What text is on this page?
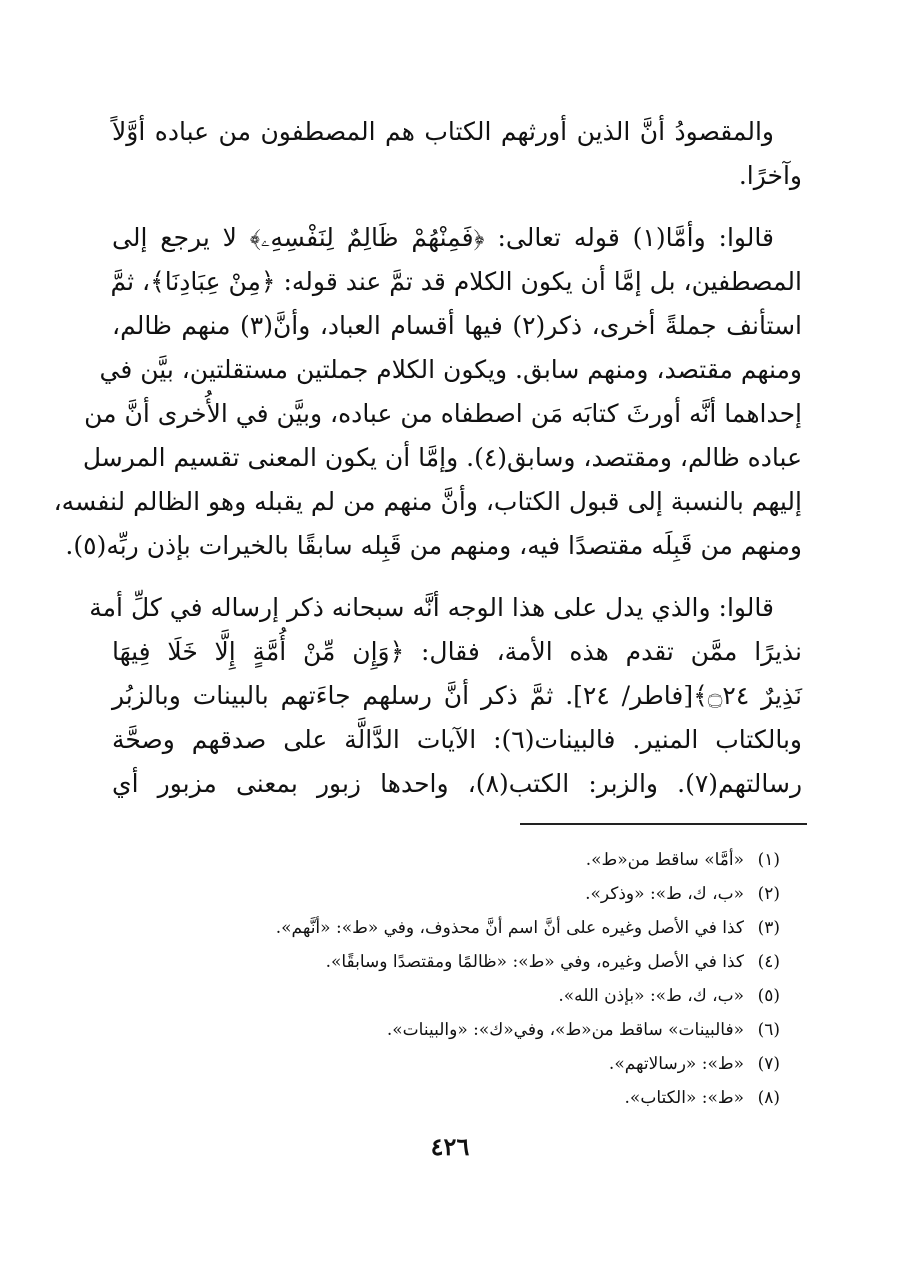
والمقصودُ أنَّ الذين أورثهم الكتاب هم المصطفون من عباده أوَّلاً
وآخرًا.
قالوا: وأمَّا(١) قوله تعالى: ﴿فَمِنْهُمْ ظَالِمٌ لِنَفْسِهِۦ﴾ لا يرجع إلى
المصطفين، بل إمَّا أن يكون الكلام قد تمَّ عند قوله: ﴿مِنْ عِبَادِنَا﴾، ثمَّ
استأنف جملةً أخرى، ذكر(٢) فيها أقسام العباد، وأنَّ(٣) منهم ظالم،
ومنهم مقتصد، ومنهم سابق. ويكون الكلام جملتين مستقلتين، بيَّن في
إحداهما أنَّه أورثَ كتابَه مَن اصطفاه من عباده، وبيَّن في الأُخرى أنَّ من
عباده ظالم، ومقتصد، وسابق(٤). وإمَّا أن يكون المعنى تقسيم المرسل
إليهم بالنسبة إلى قبول الكتاب، وأنَّ منهم من لم يقبله وهو الظالم لنفسه،
ومنهم من قَبِلَه مقتصدًا فيه، ومنهم من قَبِله سابقًا بالخيرات بإذن ربِّه(٥).
قالوا: والذي يدل على هذا الوجه أنَّه سبحانه ذكر إرساله في كلِّ أمة
نذيرًا ممَّن تقدم هذه الأمة، فقال: ﴿وَإِن مِّنْ أُمَّةٍ إِلَّا خَلَا فِيهَا
نَذِيرٌ ۝٢٤﴾[فاطر/ ٢٤]. ثمَّ ذكر أنَّ رسلهم جاءَتهم بالبينات وبالزبُر
وبالكتاب المنير. فالبينات(٦): الآيات الدَّالَّة على صدقهم وصحَّة
رسالتهم(٧). والزبر: الكتب(٨)، واحدها زبور بمعنى مزبور أي
(١)«أمَّا» ساقط من«ط».
(٢)«ب، ك، ط»: «وذكر».
(٣)كذا في الأصل وغيره على أنَّ اسم أنَّ محذوف، وفي «ط»: «أنَّهم».
(٤)كذا في الأصل وغيره، وفي «ط»: «ظالمًا ومقتصدًا وسابقًا».
(٥)«ب، ك، ط»: «بإذن الله».
(٦)«فالبينات» ساقط من«ط»، وفي«ك»: «والبينات».
(٧)«ط»: «رسالاتهم».
(٨)«ط»: «الكتاب».
٤٢٦
